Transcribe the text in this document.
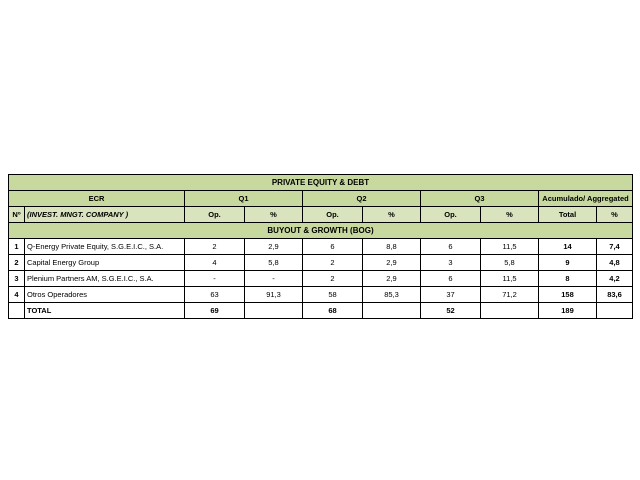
PRIVATE EQUITY & DEBT									
ECR		Q1		Q2		Q3		Acumulado/ Aggregated	
Nº	(INVEST. MNGT. COMPANY )	Op.	%	Op.	%	Op.	%	Total	%
BUYOUT & GROWTH (BOG)									
1	Q-Energy Private Equity, S.G.E.I.C., S.A.	2	2,9	6	8,8	6	11,5	14	7,4
2	Capital Energy Group	4	5,8	2	2,9	3	5,8	9	4,8
3	Plenium Partners AM, S.G.E.I.C., S.A.	-	-	2	2,9	6	11,5	8	4,2
4	Otros Operadores	63	91,3	58	85,3	37	71,2	158	83,6
	TOTAL	69		68		52		189	
